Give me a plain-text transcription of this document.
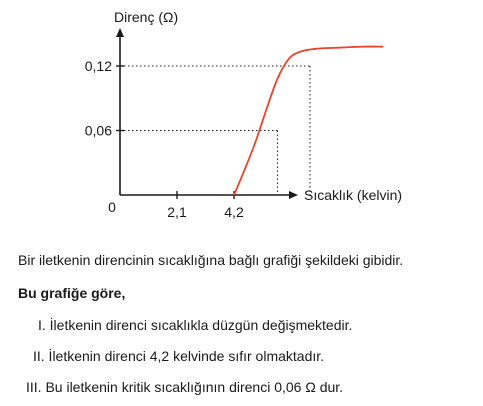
2,1	4,2
0,06
0,12
Direnç (Ω)
Sıcaklık (kelvin)
0

Bir iletkenin direncinin sıcaklığına bağlı grafiği şekildeki gibidir.

Bu grafiğe göre,

I. İletkenin direnci sıcaklıkla düzgün değişmektedir.

II. İletkenin direnci 4,2 kelvinde sıfır olmaktadır.

III. Bu iletkenin kritik sıcaklığının direnci 0,06 Ω dur.
